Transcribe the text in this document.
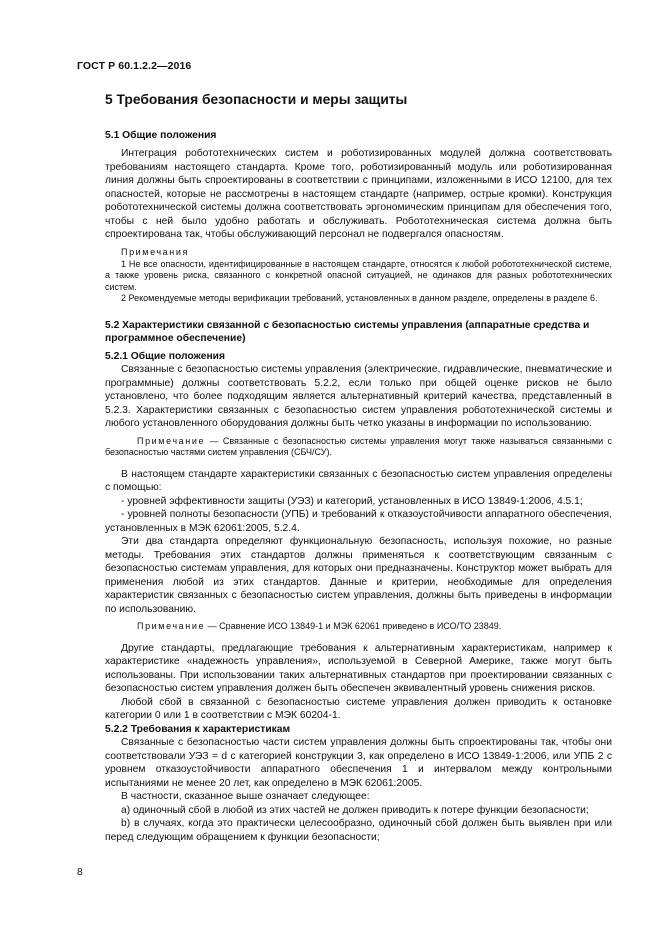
ГОСТ Р 60.1.2.2—2016
5 Требования безопасности и меры защиты
5.1 Общие положения

Интеграция робототехнических систем и роботизированных модулей должна соответствовать требованиям настоящего стандарта. Кроме того, роботизированный модуль или роботизированная линия должны быть спроектированы в соответствии с принципами, изложенными в ИСО 12100, для тех опасностей, которые не рассмотрены в настоящем стандарте (например, острые кромки). Конструкция робототехнической системы должна соответствовать эргономическим принципам для обеспечения того, чтобы с ней было удобно работать и обслуживать. Робототехническая система должна быть спроектирована так, чтобы обслуживающий персонал не подвергался опасностям.

Примечания
1 Не все опасности, идентифицированные в настоящем стандарте, относятся к любой робототехнической системе, а также уровень риска, связанного с конкретной опасной ситуацией, не одинаков для разных робототехнических систем.
2 Рекомендуемые методы верификации требований, установленных в данном разделе, определены в разделе 6.
5.2 Характеристики связанной с безопасностью системы управления (аппаратные средства и программное обеспечение)
5.2.1 Общие положения

Связанные с безопасностью системы управления (электрические, гидравлические, пневматические и программные) должны соответствовать 5.2.2, если только при общей оценке рисков не было установлено, что более подходящим является альтернативный критерий качества, представленный в 5.2.3. Характеристики связанных с безопасностью систем управления робототехнической системы и любого установленного оборудования должны быть четко указаны в информации по использованию.

Примечание — Связанные с безопасностью системы управления могут также называться связанными с безопасностью частями систем управления (СБЧ/СУ).

В настоящем стандарте характеристики связанных с безопасностью систем управления определены с помощью:

- уровней эффективности защиты (УЭЗ) и категорий, установленных в ИСО 13849-1:2006, 4.5.1;

- уровней полноты безопасности (УПБ) и требований к отказоустойчивости аппаратного обеспечения, установленных в МЭК 62061:2005, 5.2.4.

Эти два стандарта определяют функциональную безопасность, используя похожие, но разные методы. Требования этих стандартов должны применяться к соответствующим связанным с безопасностью системам управления, для которых они предназначены. Конструктор может выбрать для применения любой из этих стандартов. Данные и критерии, необходимые для определения характеристик связанных с безопасностью систем управления, должны быть приведены в информации по использованию.

Примечание — Сравнение ИСО 13849-1 и МЭК 62061 приведено в ИСО/ТО 23849.

Другие стандарты, предлагающие требования к альтернативным характеристикам, например к характеристике «надежность управления», используемой в Северной Америке, также могут быть использованы. При использовании таких альтернативных стандартов при проектировании связанных с безопасностью систем управления должен быть обеспечен эквивалентный уровень снижения рисков.

Любой сбой в связанной с безопасностью системе управления должен приводить к остановке категории 0 или 1 в соответствии с МЭК 60204-1.

5.2.2 Требования к характеристикам

Связанные с безопасностью части систем управления должны быть спроектированы так, чтобы они соответствовали УЭЗ = d с категорией конструкции 3, как определено в ИСО 13849-1:2006, или УПБ 2 с уровнем отказоустойчивости аппаратного обеспечения 1 и интервалом между контрольными испытаниями не менее 20 лет, как определено в МЭК 62061:2005.

В частности, сказанное выше означает следующее:

а) одиночный сбой в любой из этих частей не должен приводить к потере функции безопасности;

b) в случаях, когда это практически целесообразно, одиночный сбой должен быть выявлен при или перед следующим обращением к функции безопасности;

8
